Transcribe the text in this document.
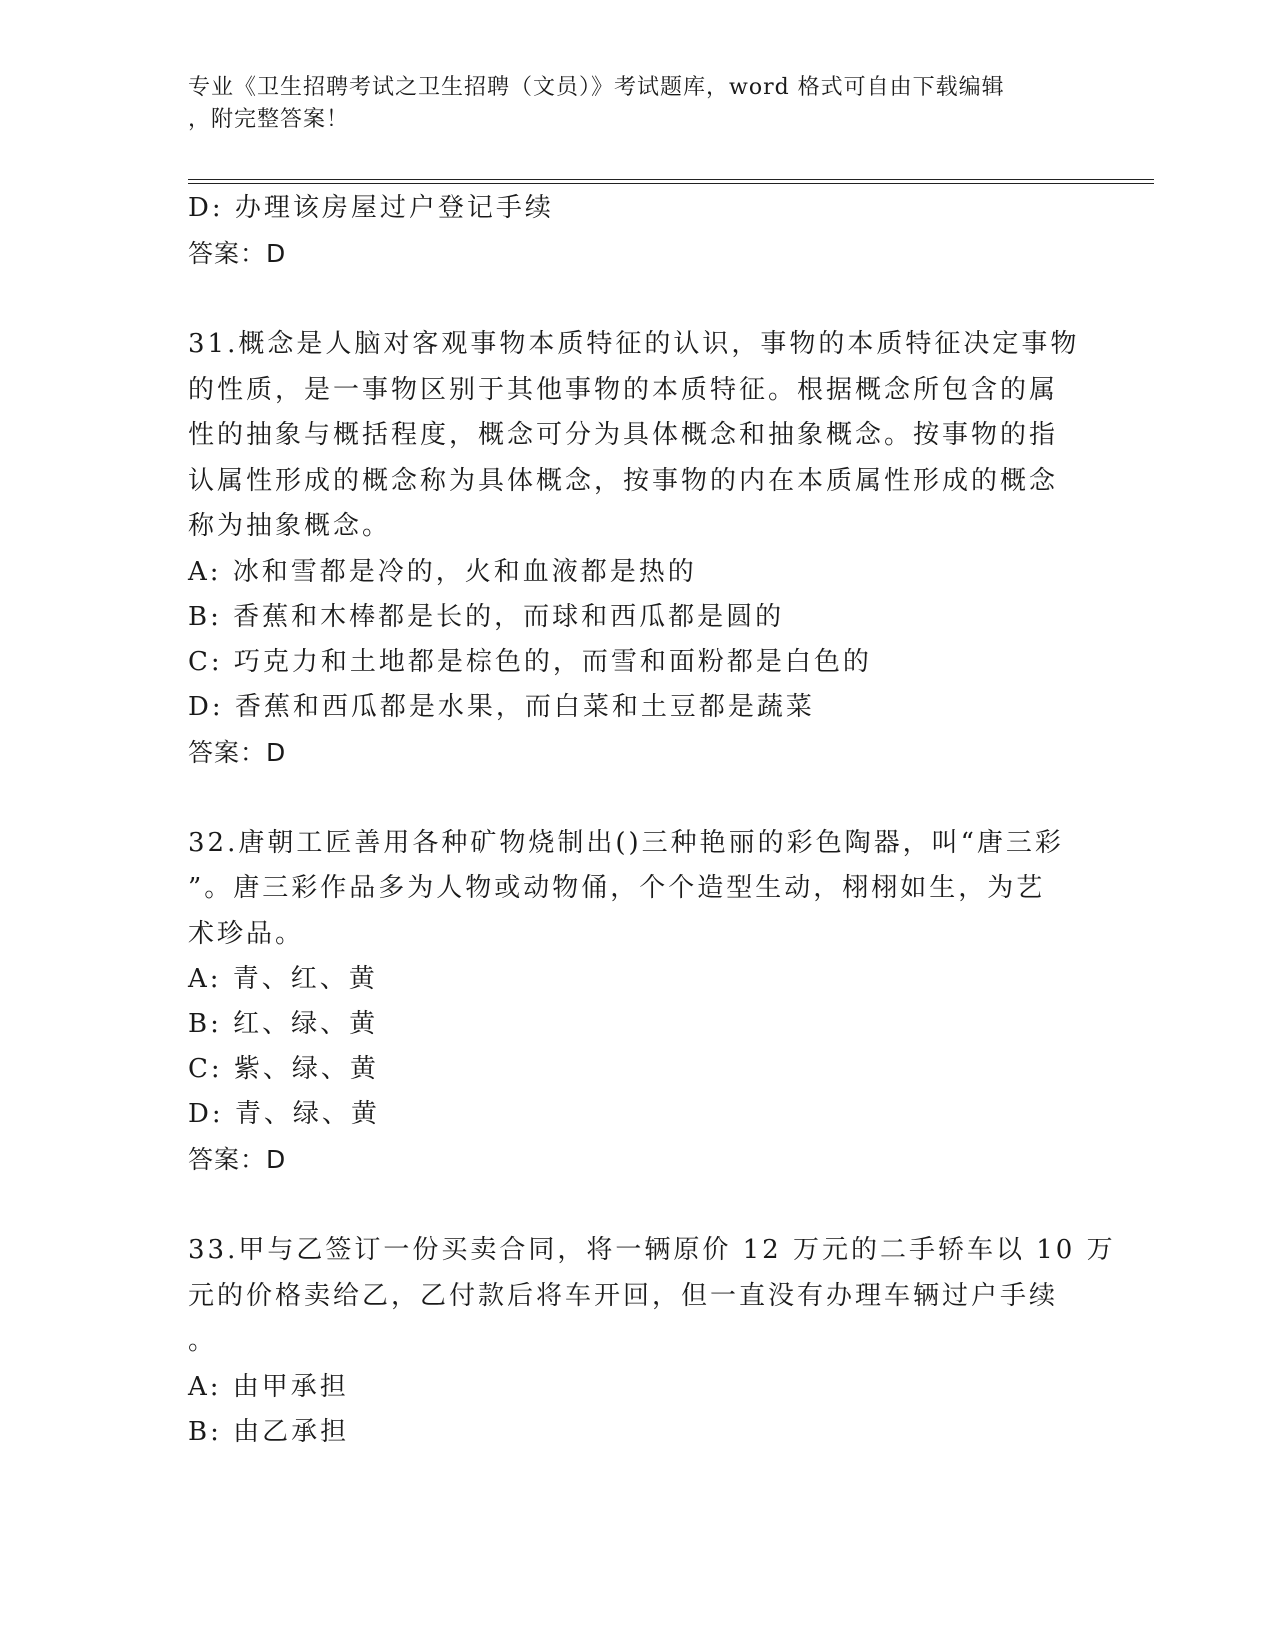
专业《卫生招聘考试之卫生招聘（文员）》考试题库，word 格式可自由下载编辑
，附完整答案！
D: 办理该房屋过户登记手续
答案：D
31.概念是人脑对客观事物本质特征的认识，事物的本质特征决定事物
的性质，是一事物区别于其他事物的本质特征。根据概念所包含的属
性的抽象与概括程度，概念可分为具体概念和抽象概念。按事物的指
认属性形成的概念称为具体概念，按事物的内在本质属性形成的概念
称为抽象概念。
A: 冰和雪都是冷的，火和血液都是热的
B: 香蕉和木棒都是长的，而球和西瓜都是圆的
C: 巧克力和土地都是棕色的，而雪和面粉都是白色的
D: 香蕉和西瓜都是水果，而白菜和土豆都是蔬菜
答案：D
32.唐朝工匠善用各种矿物烧制出()三种艳丽的彩色陶器，叫“唐三彩
”。唐三彩作品多为人物或动物俑，个个造型生动，栩栩如生，为艺
术珍品。
A: 青、红、黄
B: 红、绿、黄
C: 紫、绿、黄
D: 青、绿、黄
答案：D
33.甲与乙签订一份买卖合同，将一辆原价 12 万元的二手轿车以 10 万
元的价格卖给乙，乙付款后将车开回，但一直没有办理车辆过户手续
。
A: 由甲承担
B: 由乙承担
